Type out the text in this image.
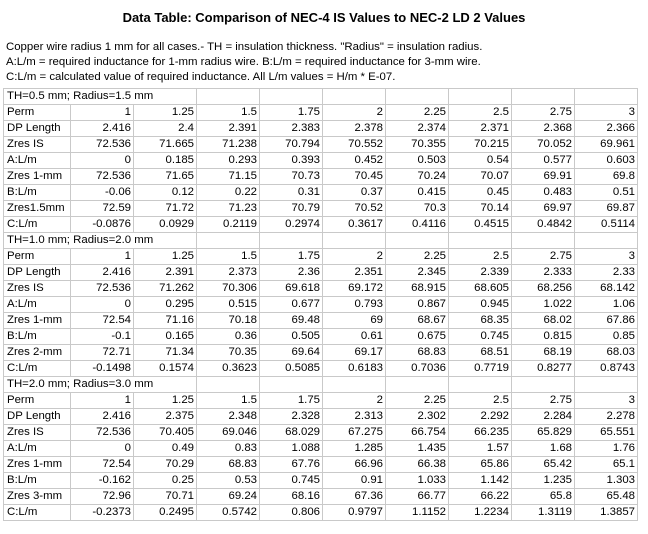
Data Table: Comparison of NEC-4 IS Values to NEC-2 LD 2 Values
Copper wire radius 1 mm for all cases.- TH = insulation thickness. "Radius" = insulation radius.
A:L/m = required inductance for 1-mm radius wire. B:L/m = required inductance for 3-mm wire.
C:L/m = calculated value of required inductance. All L/m values = H/m * E-07.
TH=0.5 mm; Radius=1.5 mm									
Perm	1	1.25	1.5	1.75	2	2.25	2.5	2.75	3
DP Length	2.416	2.4	2.391	2.383	2.378	2.374	2.371	2.368	2.366
Zres IS	72.536	71.665	71.238	70.794	70.552	70.355	70.215	70.052	69.961
A:L/m	0	0.185	0.293	0.393	0.452	0.503	0.54	0.577	0.603
Zres 1-mm	72.536	71.65	71.15	70.73	70.45	70.24	70.07	69.91	69.8
B:L/m	-0.06	0.12	0.22	0.31	0.37	0.415	0.45	0.483	0.51
Zres1.5mm	72.59	71.72	71.23	70.79	70.52	70.3	70.14	69.97	69.87
C:L/m	-0.0876	0.0929	0.2119	0.2974	0.3617	0.4116	0.4515	0.4842	0.5114
TH=1.0 mm; Radius=2.0 mm									
Perm	1	1.25	1.5	1.75	2	2.25	2.5	2.75	3
DP Length	2.416	2.391	2.373	2.36	2.351	2.345	2.339	2.333	2.33
Zres IS	72.536	71.262	70.306	69.618	69.172	68.915	68.605	68.256	68.142
A:L/m	0	0.295	0.515	0.677	0.793	0.867	0.945	1.022	1.06
Zres 1-mm	72.54	71.16	70.18	69.48	69	68.67	68.35	68.02	67.86
B:L/m	-0.1	0.165	0.36	0.505	0.61	0.675	0.745	0.815	0.85
Zres 2-mm	72.71	71.34	70.35	69.64	69.17	68.83	68.51	68.19	68.03
C:L/m	-0.1498	0.1574	0.3623	0.5085	0.6183	0.7036	0.7719	0.8277	0.8743
TH=2.0 mm; Radius=3.0 mm									
Perm	1	1.25	1.5	1.75	2	2.25	2.5	2.75	3
DP Length	2.416	2.375	2.348	2.328	2.313	2.302	2.292	2.284	2.278
Zres IS	72.536	70.405	69.046	68.029	67.275	66.754	66.235	65.829	65.551
A:L/m	0	0.49	0.83	1.088	1.285	1.435	1.57	1.68	1.76
Zres 1-mm	72.54	70.29	68.83	67.76	66.96	66.38	65.86	65.42	65.1
B:L/m	-0.162	0.25	0.53	0.745	0.91	1.033	1.142	1.235	1.303
Zres 3-mm	72.96	70.71	69.24	68.16	67.36	66.77	66.22	65.8	65.48
C:L/m	-0.2373	0.2495	0.5742	0.806	0.9797	1.1152	1.2234	1.3119	1.3857
